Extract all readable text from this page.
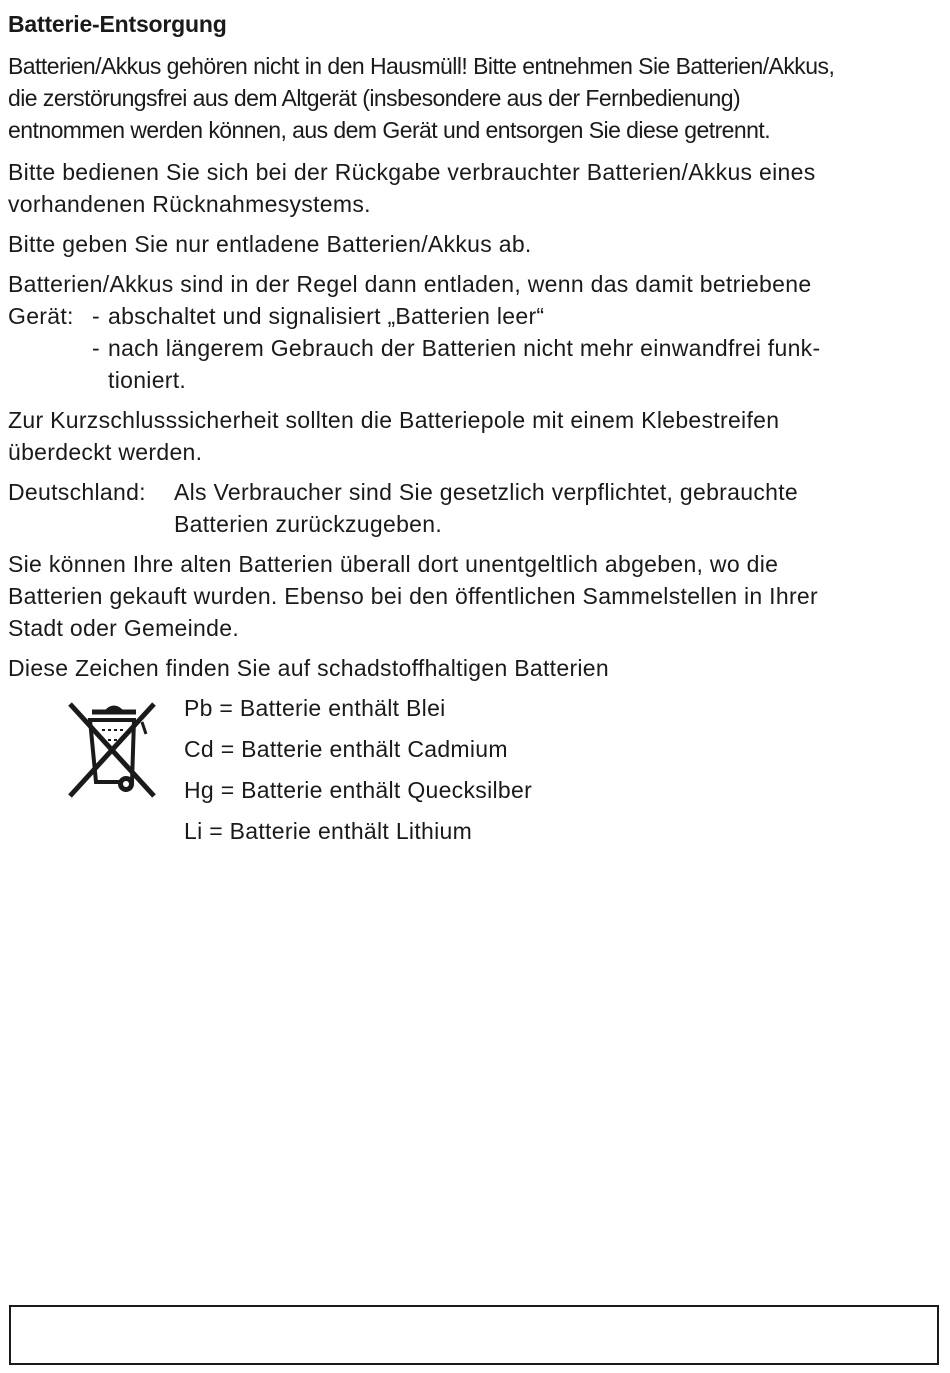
Batterie-Entsorgung

Batterien/Akkus gehören nicht in den Hausmüll! Bitte entnehmen Sie Batterien/Akkus,
die zerstörungsfrei aus dem Altgerät (insbesondere aus der Fernbedienung)
entnommen werden können, aus dem Gerät und entsorgen Sie diese getrennt.

Bitte bedienen Sie sich bei der Rückgabe verbrauchter Batterien/Akkus eines
vorhandenen Rücknahmesystems.

Bitte geben Sie nur entladene Batterien/Akkus ab.

Batterien/Akkus sind in der Regel dann entladen, wenn das damit betriebene
Gerät:
-	abschaltet und signalisiert „Batterien leer“
- nach längerem Gebrauch der Batterien nicht mehr einwandfrei funk-
tioniert.

Zur Kurzschlusssicherheit sollten die Batteriepole mit einem Klebestreifen
überdeckt werden.

Deutschland:	Als Verbraucher sind Sie gesetzlich verpflichtet, gebrauchte
Batterien zurückzugeben.

Sie können Ihre alten Batterien überall dort unentgeltlich abgeben, wo die
Batterien gekauft wurden. Ebenso bei den öffentlichen Sammelstellen in Ihrer
Stadt oder Gemeinde.

Diese Zeichen finden Sie auf schadstoffhaltigen Batterien

Pb = Batterie enthält Blei
Cd = Batterie enthält Cadmium
Hg = Batterie enthält Quecksilber
Li = Batterie enthält Lithium
